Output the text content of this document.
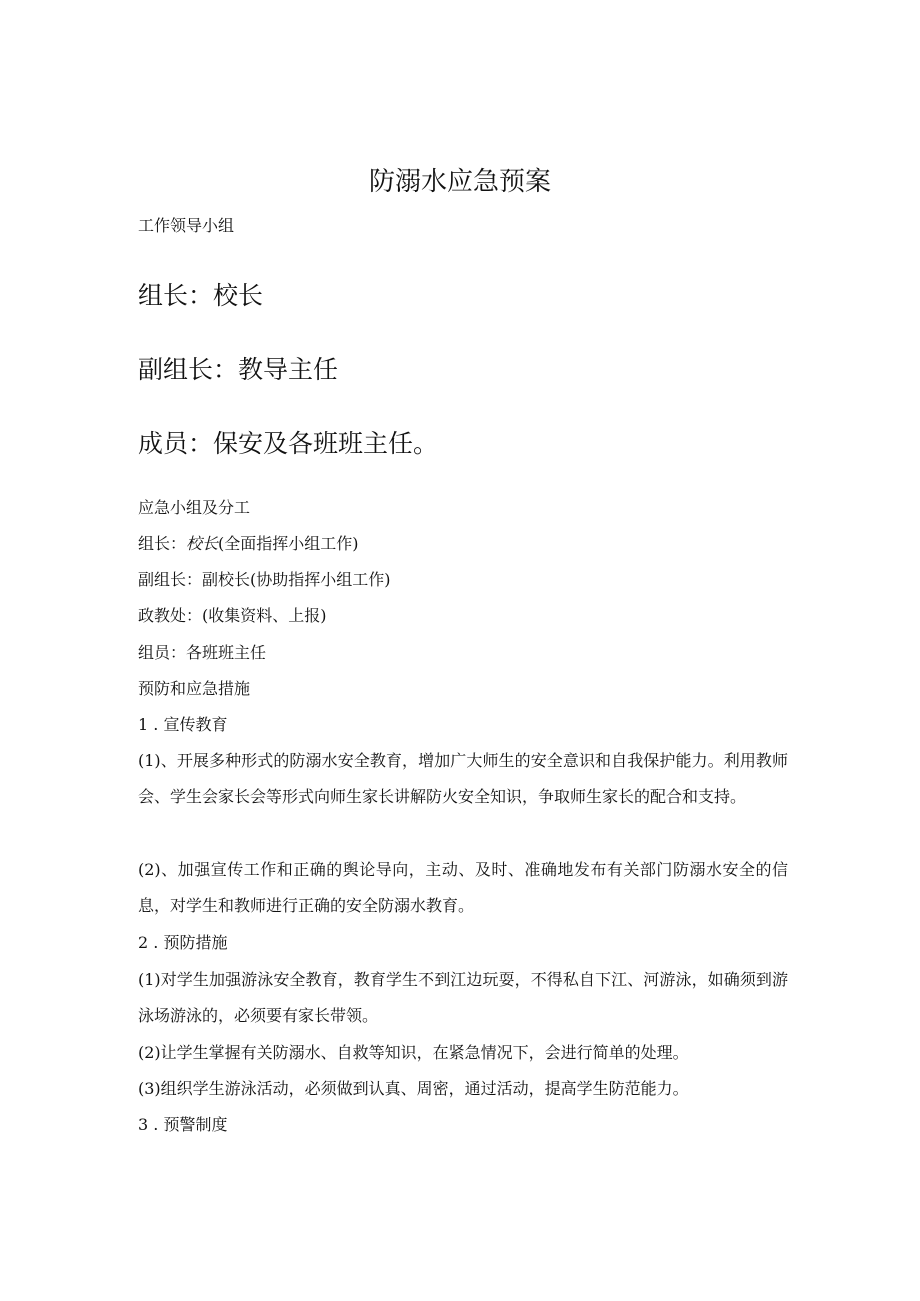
防溺水应急预案
工作领导小组
组长：校长
副组长：教导主任
成员：保安及各班班主任。
应急小组及分工
组长：校长(全面指挥小组工作)
副组长：副校长(协助指挥小组工作)
政教处：(收集资料、上报)
组员：各班班主任
预防和应急措施
1 . 宣传教育
(1)、开展多种形式的防溺水安全教育，增加广大师生的安全意识和自我保护能力。利用教师会、学生会家长会等形式向师生家长讲解防火安全知识，争取师生家长的配合和支持。
(2)、加强宣传工作和正确的舆论导向，主动、及时、准确地发布有关部门防溺水安全的信息，对学生和教师进行正确的安全防溺水教育。
2 . 预防措施
(1)对学生加强游泳安全教育，教育学生不到江边玩耍，不得私自下江、河游泳，如确须到游泳场游泳的，必须要有家长带领。
(2)让学生掌握有关防溺水、自救等知识，在紧急情况下，会进行简单的处理。
(3)组织学生游泳活动，必须做到认真、周密，通过活动，提高学生防范能力。
3 . 预警制度
